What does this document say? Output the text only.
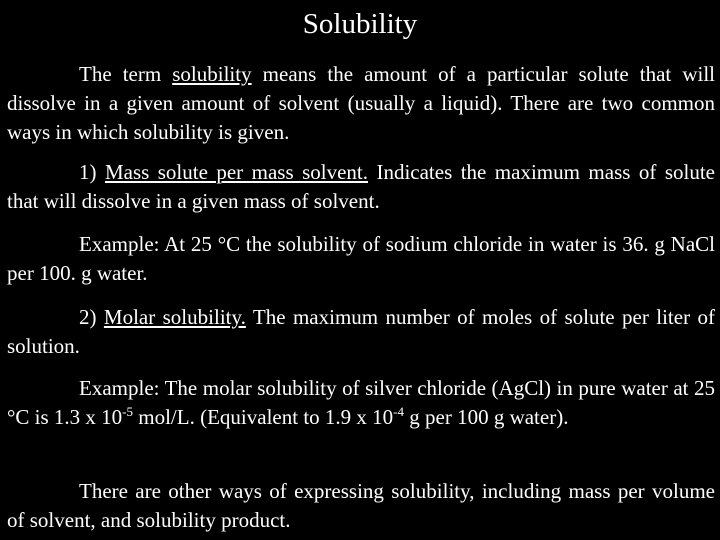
Solubility

The term solubility means the amount of a particular solute that will dissolve in a given amount of solvent (usually a liquid). There are two common ways in which solubility is given.

1) Mass solute per mass solvent. Indicates the maximum mass of solute that will dissolve in a given mass of solvent.

Example: At 25 °C the solubility of sodium chloride in water is 36. g NaCl per 100. g water.

2) Molar solubility. The maximum number of moles of solute per liter of solution.

Example: The molar solubility of silver chloride (AgCl) in pure water at 25 °C is 1.3 x $10^{-5}$ mol/L. (Equivalent to 1.9 x $10^{-4}$ g per 100 g water).

There are other ways of expressing solubility, including mass per volume of solvent, and solubility product.
